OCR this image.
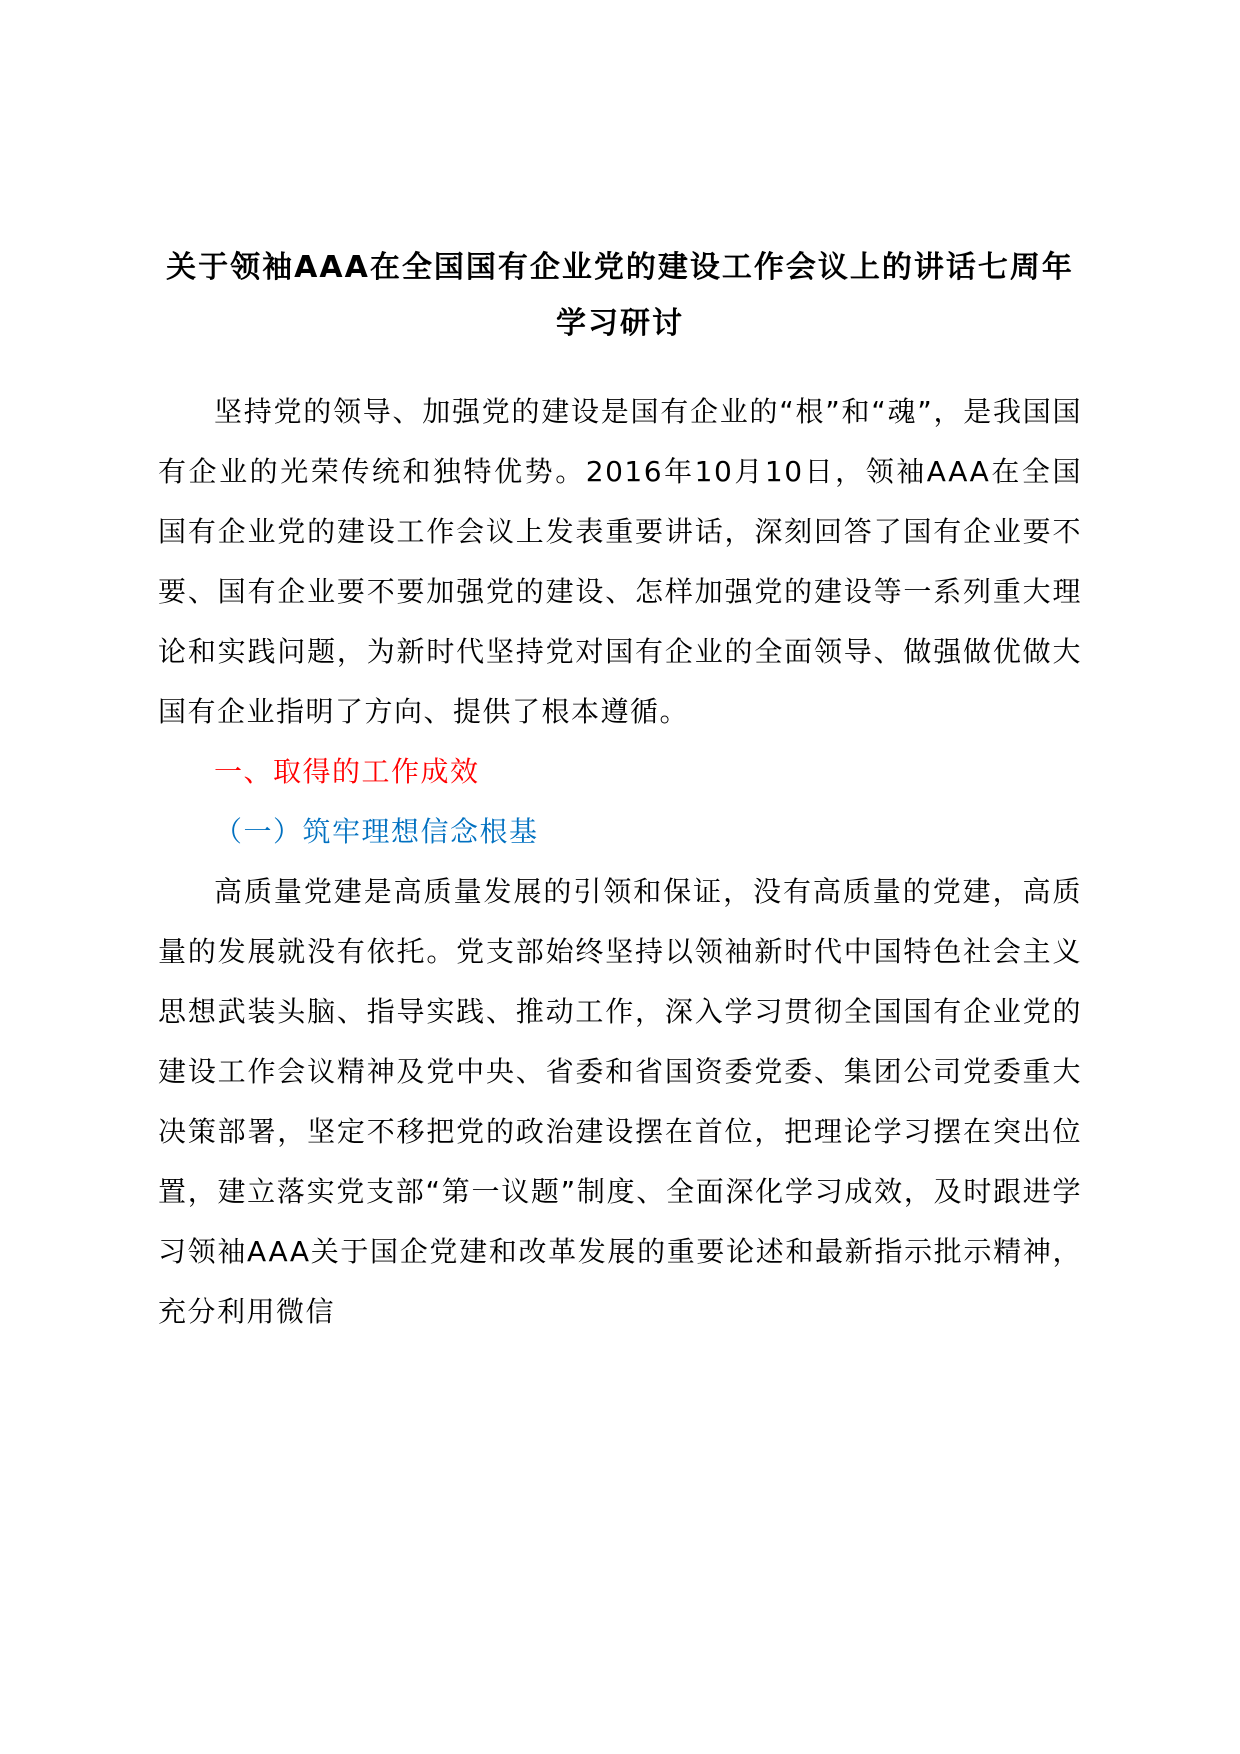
关于领袖AAA在全国国有企业党的建设工作会议上的讲话七周年学习研讨

坚持党的领导、加强党的建设是国有企业的“根”和“魂”，是我国国有企业的光荣传统和独特优势。2016年10月10日，领袖AAA在全国国有企业党的建设工作会议上发表重要讲话，深刻回答了国有企业要不要、国有企业要不要加强党的建设、怎样加强党的建设等一系列重大理论和实践问题，为新时代坚持党对国有企业的全面领导、做强做优做大国有企业指明了方向、提供了根本遵循。

一、取得的工作成效
（一）筑牢理想信念根基

高质量党建是高质量发展的引领和保证，没有高质量的党建，高质量的发展就没有依托。党支部始终坚持以领袖新时代中国特色社会主义思想武装头脑、指导实践、推动工作，深入学习贯彻全国国有企业党的建设工作会议精神及党中央、省委和省国资委党委、集团公司党委重大决策部署，坚定不移把党的政治建设摆在首位，把理论学习摆在突出位置，建立落实党支部“第一议题”制度、全面深化学习成效，及时跟进学习领袖AAA关于国企党建和改革发展的重要论述和最新指示批示精神，充分利用微信
